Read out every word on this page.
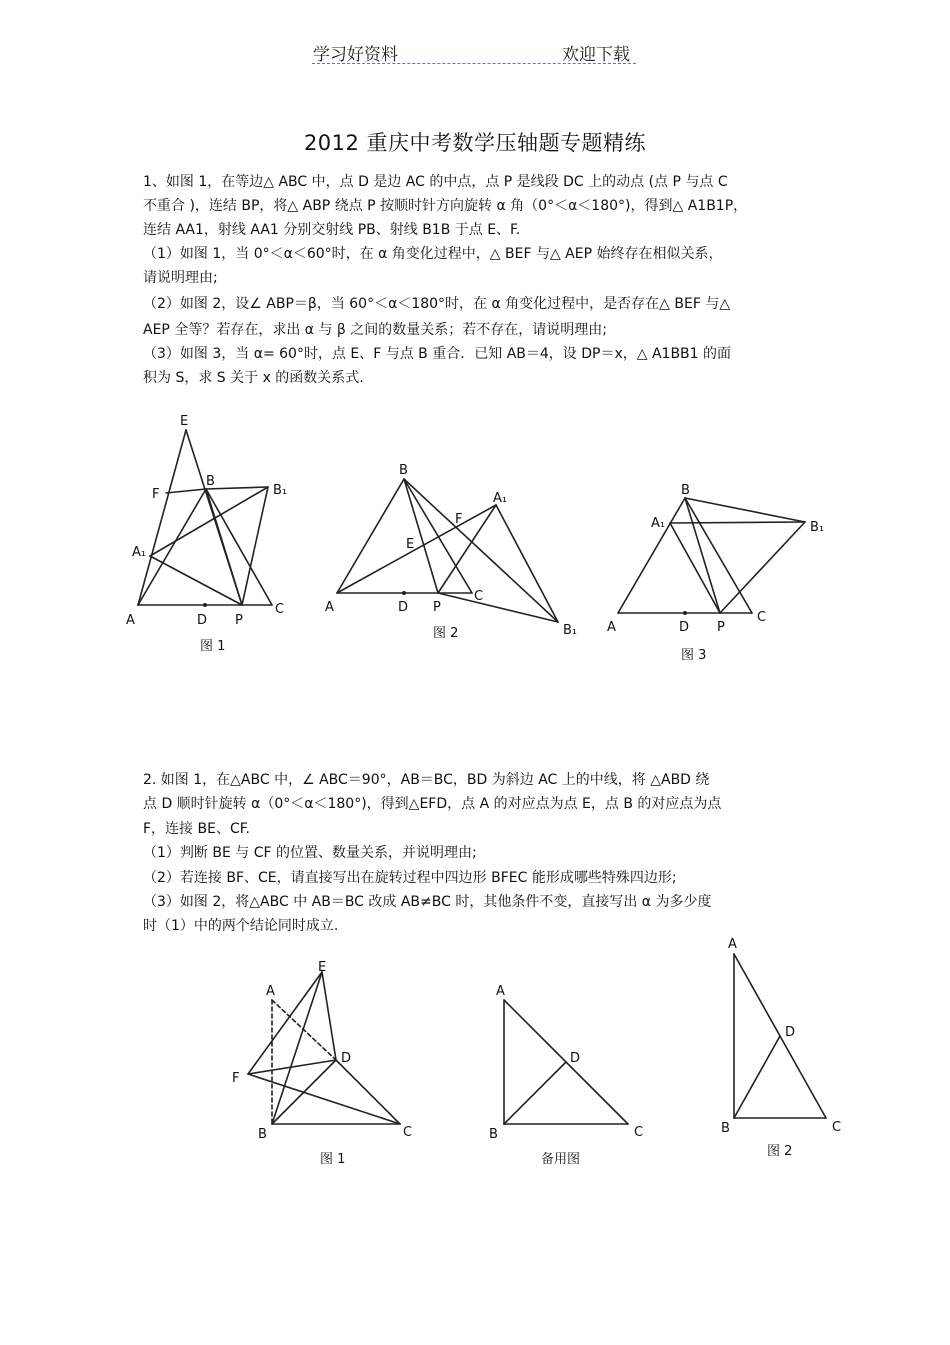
学习好资料	欢迎下载
2012 重庆中考数学压轴题专题精练
1、如图 1，在等边△ ABC 中，点 D 是边 AC 的中点，点 P 是线段 DC 上的动点 (点 P 与点 C
不重合 )，连结 BP，将△ ABP 绕点 P 按顺时针方向旋转 α 角（0°＜α＜180°)，得到△ A1B1P，
连结 AA1，射线 AA1 分别交射线 PB、射线 B1B 于点 E、F.
（1）如图 1，当 0°＜α＜60°时，在 α 角变化过程中，△ BEF 与△ AEP 始终存在相似关系，
请说明理由;
（2）如图 2，设∠ ABP＝β，当 60°＜α＜180°时，在 α 角变化过程中，是否存在△ BEF 与△
AEP 全等？若存在，求出 α 与 β 之间的数量关系；若不存在，请说明理由;
（3）如图 3，当 α= 60°时，点 E、F 与点 B 重合．已知 AB＝4，设 DP＝x，△ A1BB1 的面
积为 S，求 S 关于 x 的函数关系式.
2. 如图 1，在△ABC 中，∠ ABC＝90°，AB＝BC，BD 为斜边 AC 上的中线，将 △ABD 绕
点 D 顺时针旋转 α（0°＜α＜180°)，得到△EFD，点 A 的对应点为点 E，点 B 的对应点为点
F，连接 BE、CF.
（1）判断 BE 与 CF 的位置、数量关系，并说明理由;
（2）若连接 BF、CE，请直接写出在旋转过程中四边形 BFEC 能形成哪些特殊四边形;
（3）如图 2，将△ABC 中 AB＝BC 改成 AB≠BC 时，其他条件不变，直接写出 α 为多少度
时（1）中的两个结论同时成立.
E
F
B
B₁
A₁
A	D P
C
图 1
B
A₁
F
E
A	D P
C
B₁
图 2
B
A₁	B₁
A	D P
C
图 3
E
A
D
F
B	C
图 1
A
D
B	C
备用图
A
D
B	C
图 2
